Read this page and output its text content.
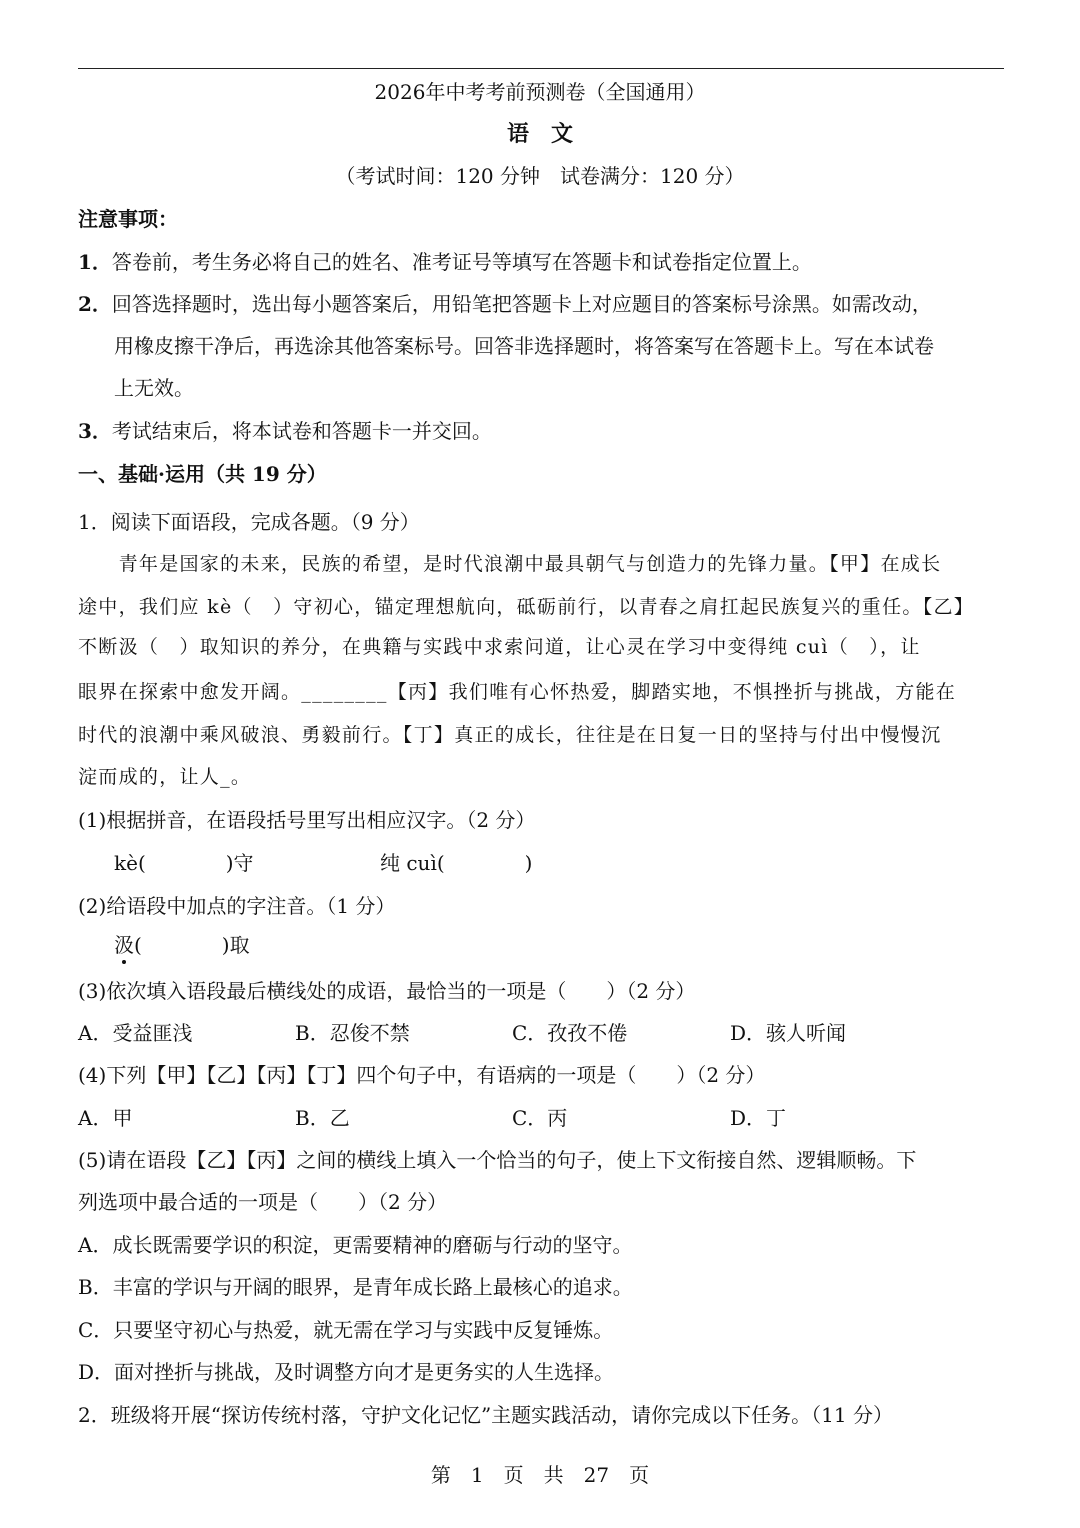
2026年中考考前预测卷（全国通用）
语　文
（考试时间：120 分钟　试卷满分：120 分）
注意事项：
1．答卷前，考生务必将自己的姓名、准考证号等填写在答题卡和试卷指定位置上。
2．回答选择题时，选出每小题答案后，用铅笔把答题卡上对应题目的答案标号涂黑。如需改动，
用橡皮擦干净后，再选涂其他答案标号。回答非选择题时，将答案写在答题卡上。写在本试卷
上无效。
3．考试结束后，将本试卷和答题卡一并交回。
一、基础·运用（共 19 分）
1．阅读下面语段，完成各题。（9 分）
　　青年是国家的未来，民族的希望，是时代浪潮中最具朝气与创造力的先锋力量。【甲】在成长
途中，我们应 kè（　）守初心，锚定理想航向，砥砺前行，以青春之肩扛起民族复兴的重任。【乙】
不断汲（　）取知识的养分，在典籍与实践中求索问道，让心灵在学习中变得纯 cuì（　），让
眼界在探索中愈发开阔。________【丙】我们唯有心怀热爱，脚踏实地，不惧挫折与挑战，方能在
时代的浪潮中乘风破浪、勇毅前行。【丁】真正的成长，往往是在日复一日的坚持与付出中慢慢沉
淀而成的，让人_。
(1)根据拼音，在语段括号里写出相应汉字。（2 分）
kè(　　　　)守	纯 cuì(　　　　)
(2)给语段中加点的字注音。（1 分）
汲(　　　　)取
(3)依次填入语段最后横线处的成语，最恰当的一项是（　　）（2 分）
A．受益匪浅	B．忍俊不禁	C．孜孜不倦	D．骇人听闻
(4)下列【甲】【乙】【丙】【丁】四个句子中，有语病的一项是（　　）（2 分）
A．甲	B．乙	C．丙	D．丁
(5)请在语段【乙】【丙】之间的横线上填入一个恰当的句子，使上下文衔接自然、逻辑顺畅。下
列选项中最合适的一项是（　　）（2 分）
A．成长既需要学识的积淀，更需要精神的磨砺与行动的坚守。
B．丰富的学识与开阔的眼界，是青年成长路上最核心的追求。
C．只要坚守初心与热爱，就无需在学习与实践中反复锤炼。
D．面对挫折与挑战，及时调整方向才是更务实的人生选择。
2．班级将开展“探访传统村落，守护文化记忆”主题实践活动，请你完成以下任务。（11 分）
第　1　页　共　27　页
